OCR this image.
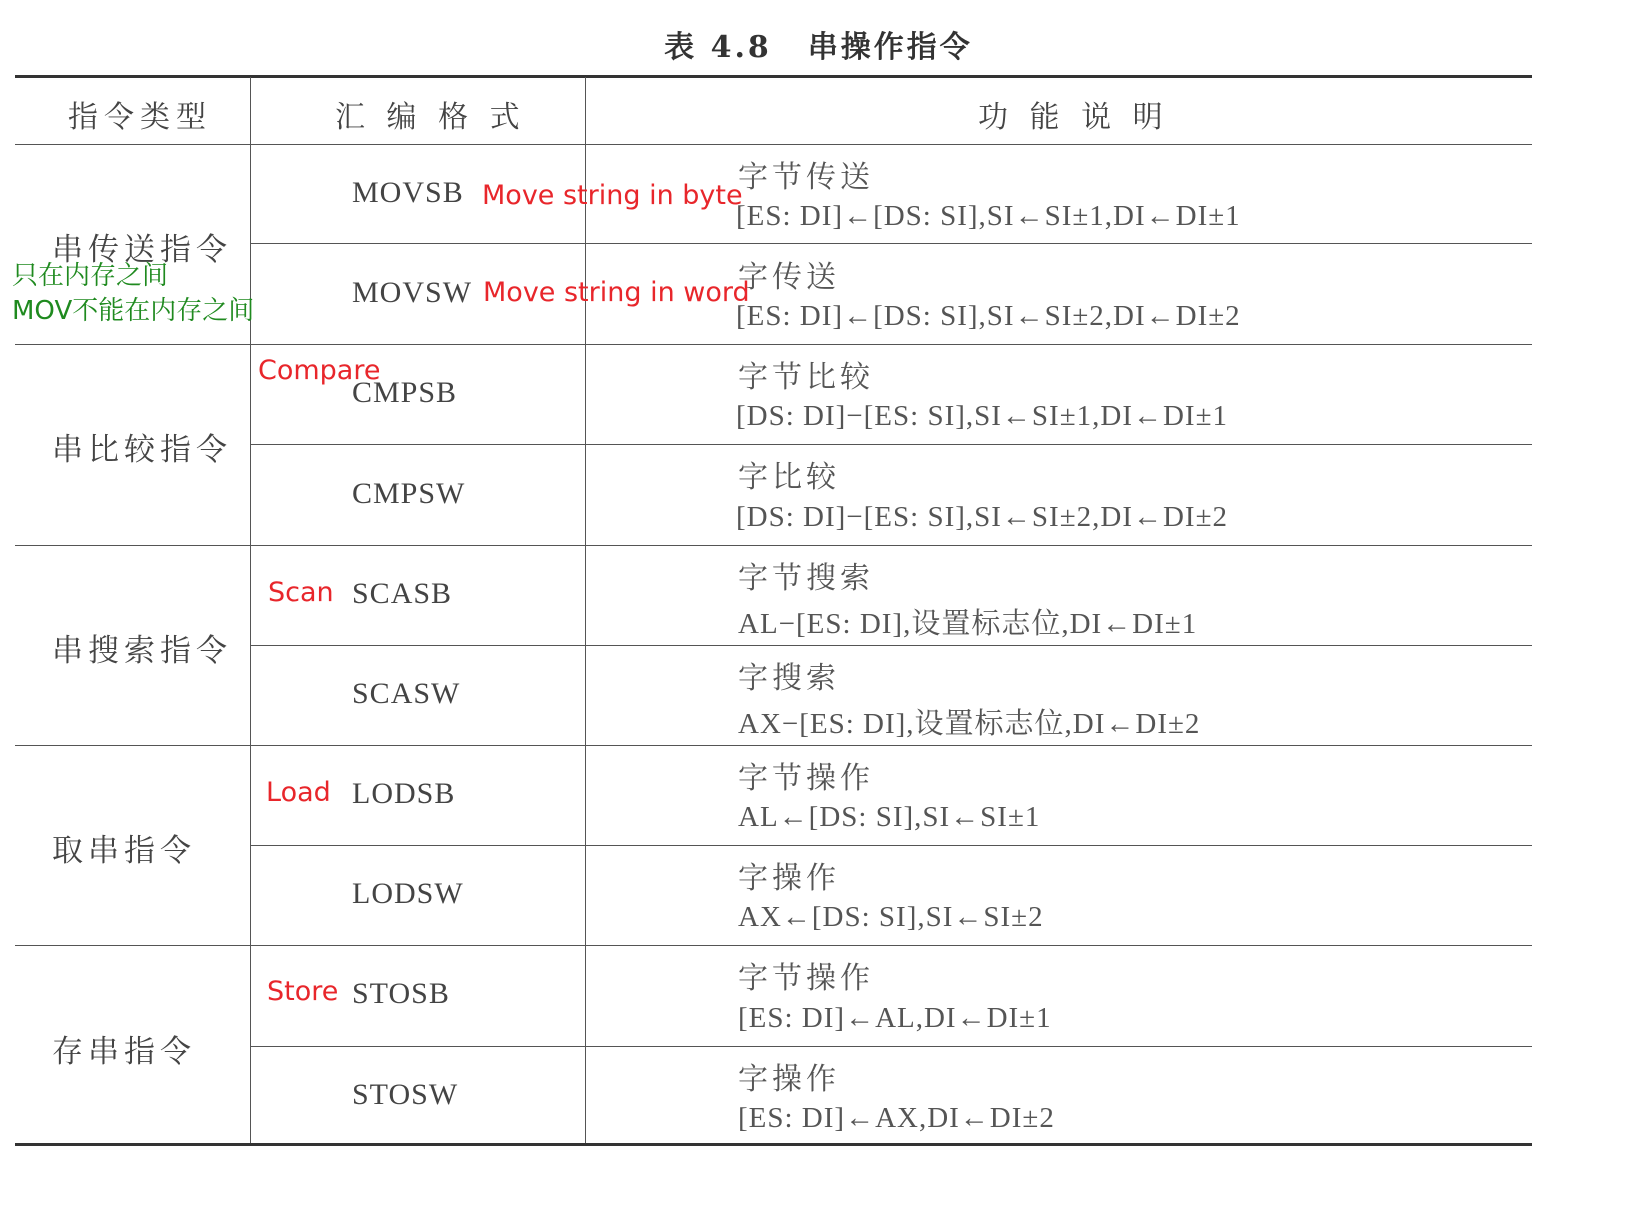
表 4.8 串操作指令
指令类型	汇 编 格 式	功 能 说 明
串传送指令
串比较指令
串搜索指令
取串指令
存串指令
MOVSB
MOVSW
CMPSB
CMPSW
SCASB
SCASW
LODSB
LODSW
STOSB
STOSW
字节传送
[ES: DI]←[DS: SI],SI←SI±1,DI←DI±1
字传送
[ES: DI]←[DS: SI],SI←SI±2,DI←DI±2
字节比较
[DS: DI]−[ES: SI],SI←SI±1,DI←DI±1
字比较
[DS: DI]−[ES: SI],SI←SI±2,DI←DI±2
字节搜索
AL−[ES: DI],设置标志位,DI←DI±1
字搜索
AX−[ES: DI],设置标志位,DI←DI±2
字节操作
AL←[DS: SI],SI←SI±1
字操作
AX←[DS: SI],SI←SI±2
字节操作
[ES: DI]←AL,DI←DI±1
字操作
[ES: DI]←AX,DI←DI±2
Move string in byte
Move string in word
Compare
Scan
Load
Store
只在内存之间
MOV不能在内存之间
